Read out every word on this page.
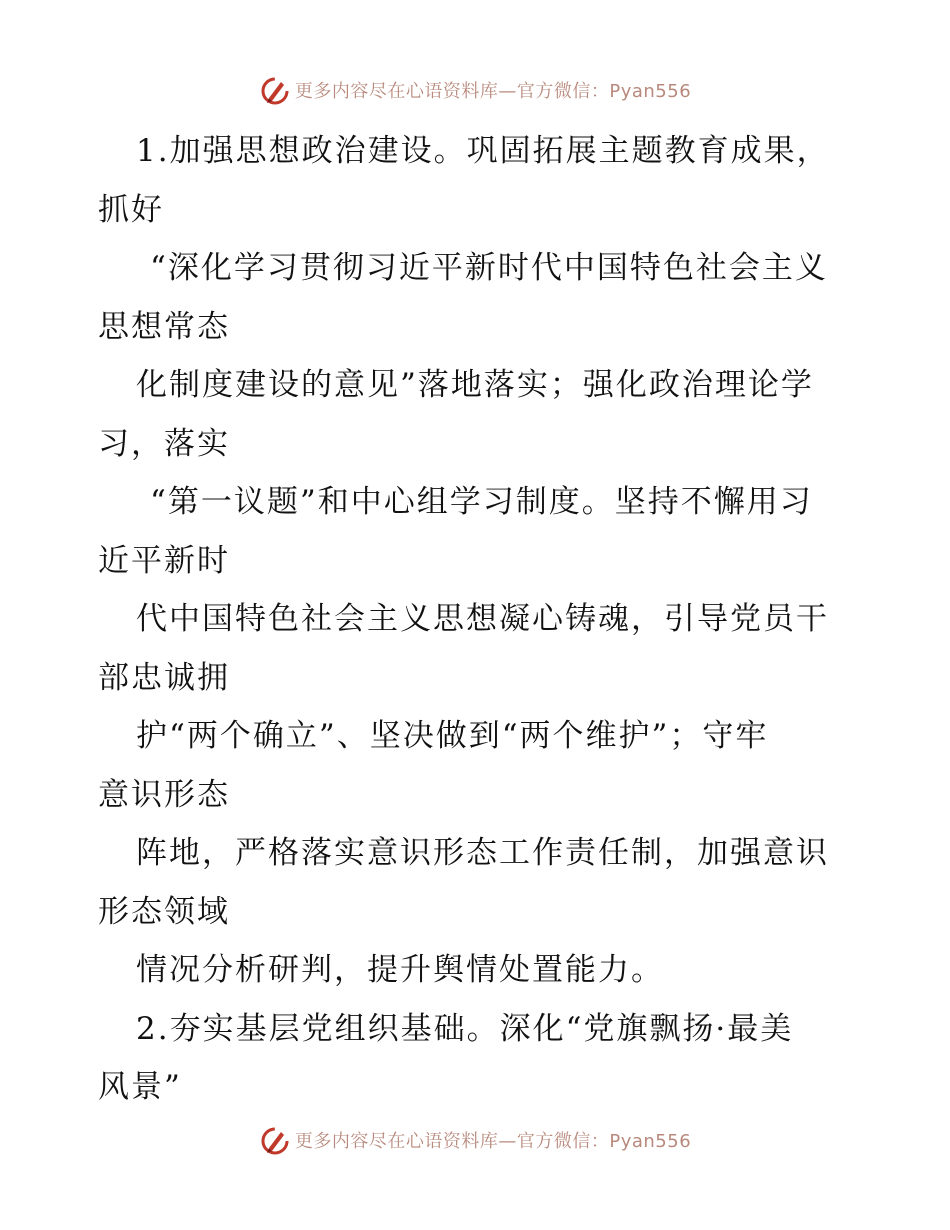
更多内容尽在心语资料库—官方微信：Pyan556
1.加强思想政治建设。巩固拓展主题教育成果，
抓好
“深化学习贯彻习近平新时代中国特色社会主义
思想常态
化制度建设的意见”落地落实；强化政治理论学
习，落实
“第一议题”和中心组学习制度。坚持不懈用习
近平新时
代中国特色社会主义思想凝心铸魂，引导党员干
部忠诚拥
护“两个确立”、坚决做到“两个维护”；守牢
意识形态
阵地，严格落实意识形态工作责任制，加强意识
形态领域
情况分析研判，提升舆情处置能力。
2.夯实基层党组织基础。深化“党旗飘扬·最美
风景”
更多内容尽在心语资料库—官方微信：Pyan556
